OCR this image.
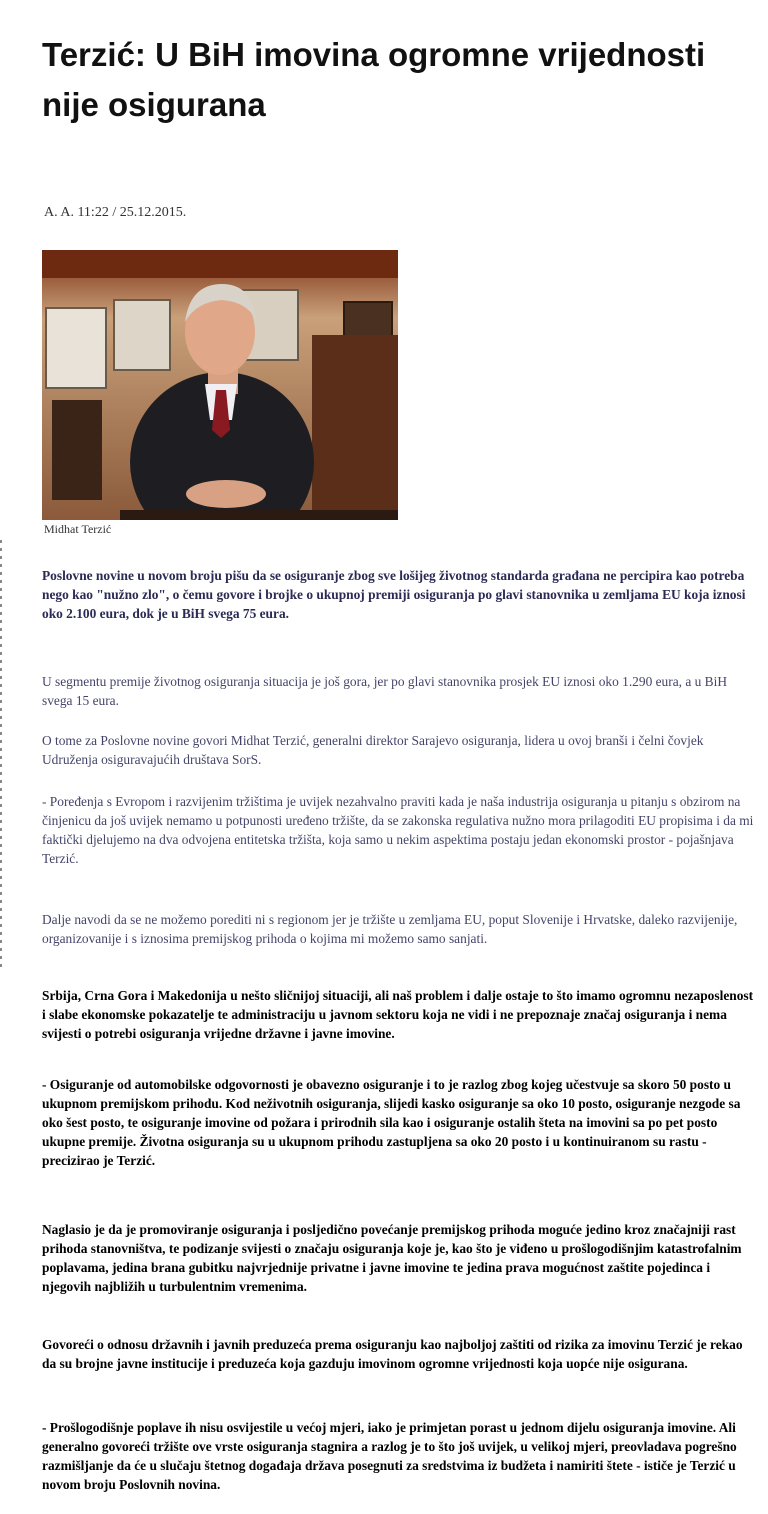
Terzić: U BiH imovina ogromne vrijednosti nije osigurana
A. A. 11:22 / 25.12.2015.
Midhat Terzić

Poslovne novine u novom broju pišu da se osiguranje zbog sve lošijeg životnog standarda građana ne percipira kao potreba nego kao "nužno zlo", o čemu govore i brojke o ukupnoj premiji osiguranja po glavi stanovnika u zemljama EU koja iznosi oko 2.100 eura, dok je u BiH svega 75 eura.

U segmentu premije životnog osiguranja situacija je još gora, jer po glavi stanovnika prosjek EU iznosi oko 1.290 eura, a u BiH svega 15 eura.

O tome za Poslovne novine govori Midhat Terzić, generalni direktor Sarajevo osiguranja, lidera u ovoj branši i čelni čovjek Udruženja osiguravajućih društava SorS.

- Poređenja s Evropom i razvijenim tržištima je uvijek nezahvalno praviti kada je naša industrija osiguranja u pitanju s obzirom na činjenicu da još uvijek nemamo u potpunosti uređeno tržište, da se zakonska regulativa nužno mora prilagoditi EU propisima i da mi faktički djelujemo na dva odvojena entitetska tržišta, koja samo u nekim aspektima postaju jedan ekonomski prostor - pojašnjava Terzić.

Dalje navodi da se ne možemo porediti ni s regionom jer je tržište u zemljama EU, poput Slovenije i Hrvatske, daleko razvijenije, organizovanije i s iznosima premijskog prihoda o kojima mi možemo samo sanjati.

Srbija, Crna Gora i Makedonija u nešto sličnijoj situaciji, ali naš problem i dalje ostaje to što imamo ogromnu nezaposlenost i slabe ekonomske pokazatelje te administraciju u javnom sektoru koja ne vidi i ne prepoznaje značaj osiguranja i nema svijesti o potrebi osiguranja vrijedne državne i javne imovine.

- Osiguranje od automobilske odgovornosti je obavezno osiguranje i to je razlog zbog kojeg učestvuje sa skoro 50 posto u ukupnom premijskom prihodu. Kod neživotnih osiguranja, slijedi kasko osiguranje sa oko 10 posto, osiguranje nezgode sa oko šest posto, te osiguranje imovine od požara i prirodnih sila kao i osiguranje ostalih šteta na imovini sa po pet posto ukupne premije. Životna osiguranja su u ukupnom prihodu zastupljena sa oko 20 posto i u kontinuiranom su rastu - precizirao je Terzić.

Naglasio je da je promoviranje osiguranja i posljedično povećanje premijskog prihoda moguće jedino kroz značajniji rast prihoda stanovništva, te podizanje svijesti o značaju osiguranja koje je, kao što je viđeno u prošlogodišnjim katastrofalnim poplavama, jedina brana gubitku najvrjednije privatne i javne imovine te jedina prava mogućnost zaštite pojedinca i njegovih najbližih u turbulentnim vremenima.

Govoreći o odnosu državnih i javnih preduzeća prema osiguranju kao najboljoj zaštiti od rizika za imovinu Terzić je rekao da su brojne javne institucije i preduzeća koja gazduju imovinom ogromne vrijednosti koja uopće nije osigurana.

- Prošlogodišnje poplave ih nisu osvijestile u većoj mjeri, iako je primjetan porast u jednom dijelu osiguranja imovine. Ali generalno govoreći tržište ove vrste osiguranja stagnira a razlog je to što još uvijek, u velikoj mjeri, preovladava pogrešno razmišljanje da će u slučaju štetnog događaja država posegnuti za sredstvima iz budžeta i namiriti štete - ističe je Terzić u novom broju Poslovnih novina.
